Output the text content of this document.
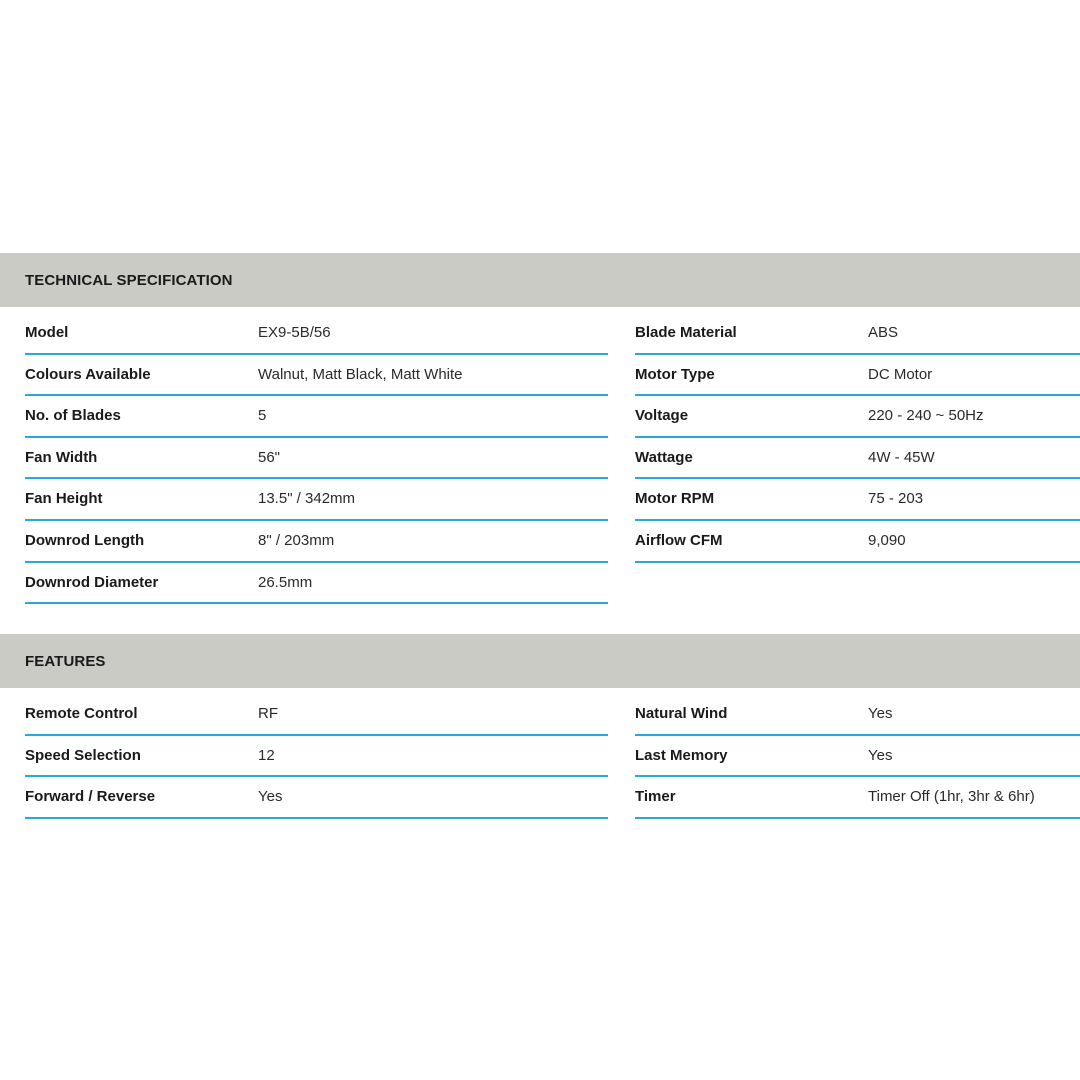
TECHNICAL SPECIFICATION
Model	EX9-5B/56
Colours Available	Walnut, Matt Black, Matt White
No. of Blades	5
Fan Width	56"
Fan Height	13.5" / 342mm
Downrod Length	8" / 203mm
Downrod Diameter	26.5mm
Blade Material	ABS
Motor Type	DC Motor
Voltage	220 - 240 ~ 50Hz
Wattage	4W - 45W
Motor RPM	75 - 203
Airflow CFM	9,090
FEATURES
Remote Control	RF
Speed Selection	12
Forward / Reverse	Yes
Natural Wind	Yes
Last Memory	Yes
Timer	Timer Off (1hr, 3hr & 6hr)
